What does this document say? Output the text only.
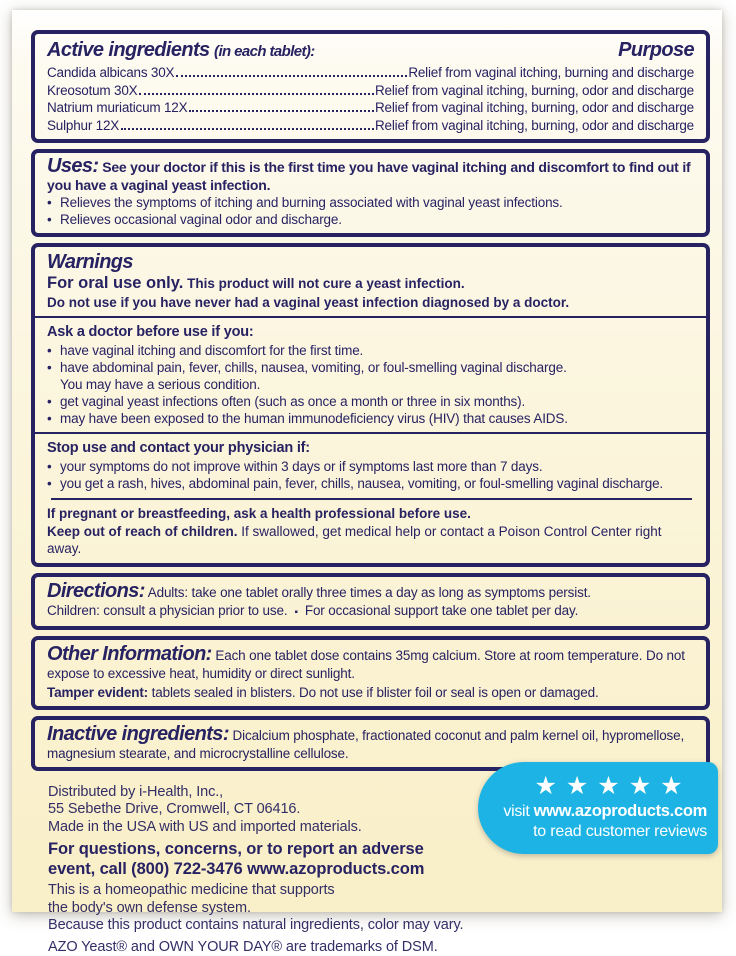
Active ingredients (in each tablet):	Purpose
Candida albicans 30X	Relief from vaginal itching, burning and discharge
Kreosotum 30X	Relief from vaginal itching, burning, odor and discharge
Natrium muriaticum 12X	Relief from vaginal itching, burning, odor and discharge
Sulphur 12X	Relief from vaginal itching, burning, odor and discharge
Uses: See your doctor if this is the first time you have vaginal itching and discomfort to find out if you have a vaginal yeast infection.
• Relieves the symptoms of itching and burning associated with vaginal yeast infections.
• Relieves occasional vaginal odor and discharge.
Warnings
For oral use only. This product will not cure a yeast infection.
Do not use if you have never had a vaginal yeast infection diagnosed by a doctor.
Ask a doctor before use if you:
• have vaginal itching and discomfort for the first time.
• have abdominal pain, fever, chills, nausea, vomiting, or foul-smelling vaginal discharge.
You may have a serious condition.
• get vaginal yeast infections often (such as once a month or three in six months).
• may have been exposed to the human immunodeficiency virus (HIV) that causes AIDS.
Stop use and contact your physician if:
• your symptoms do not improve within 3 days or if symptoms last more than 7 days.
• you get a rash, hives, abdominal pain, fever, chills, nausea, vomiting, or foul-smelling vaginal discharge.
If pregnant or breastfeeding, ask a health professional before use.
Keep out of reach of children. If swallowed, get medical help or contact a Poison Control Center right away.
Directions: Adults: take one tablet orally three times a day as long as symptoms persist.
Children: consult a physician prior to use. ▪ For occasional support take one tablet per day.
Other Information: Each one tablet dose contains 35mg calcium. Store at room temperature. Do not expose to excessive heat, humidity or direct sunlight.
Tamper evident: tablets sealed in blisters. Do not use if blister foil or seal is open or damaged.
Inactive ingredients: Dicalcium phosphate, fractionated coconut and palm kernel oil, hypromellose, magnesium stearate, and microcrystalline cellulose.
Distributed by i-Health, Inc.,
55 Sebethe Drive, Cromwell, CT 06416.
Made in the USA with US and imported materials.
For questions, concerns, or to report an adverse
event, call (800) 722-3476 www.azoproducts.com
This is a homeopathic medicine that supports
the body's own defense system.
Because this product contains natural ingredients, color may vary.
AZO Yeast® and OWN YOUR DAY® are trademarks of DSM.
★★★★★
visit www.azoproducts.com
to read customer reviews
